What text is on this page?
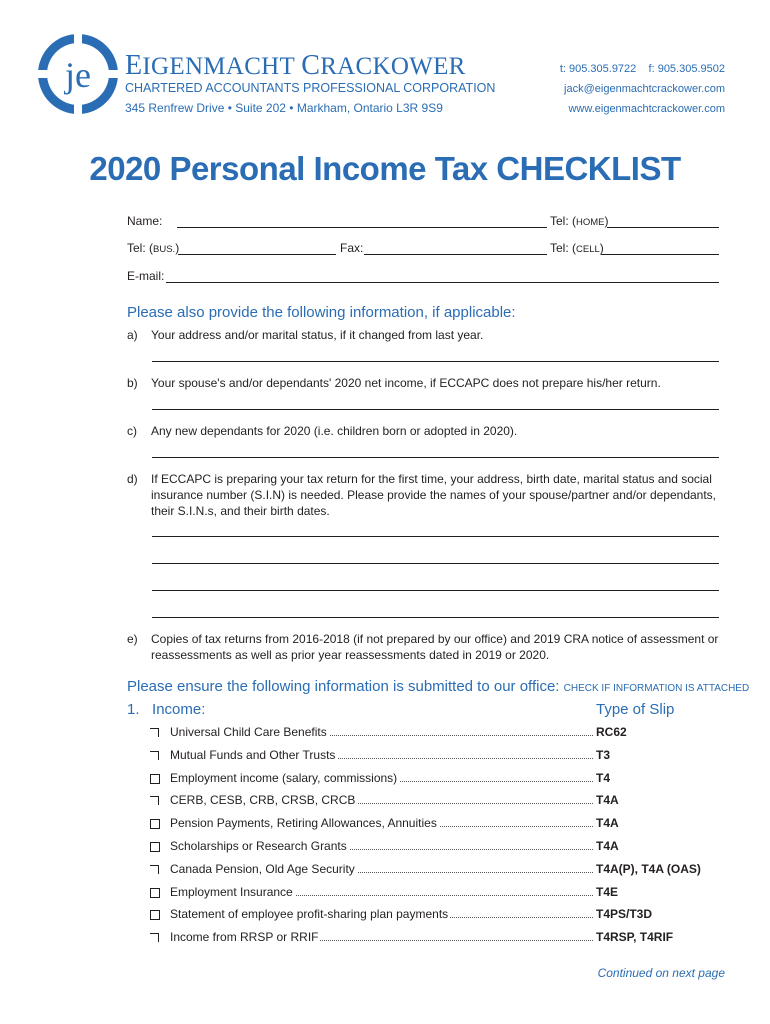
je EIGENMACHT CRACKOWER
CHARTERED ACCOUNTANTS PROFESSIONAL CORPORATION
345 Renfrew Drive • Suite 202 • Markham, Ontario L3R 9S9
t: 905.305.9722 f: 905.305.9502
jack@eigenmachtcrackower.com
www.eigenmachtcrackower.com
2020 Personal Income Tax CHECKLIST
Name:	Tel: (HOME)
Tel: (BUS.)	Fax:	Tel: (CELL)
E-mail:
Please also provide the following information, if applicable:
a) Your address and/or marital status, if it changed from last year.
b) Your spouse's and/or dependants' 2020 net income, if ECCAPC does not prepare his/her return.
c) Any new dependants for 2020 (i.e. children born or adopted in 2020).
d) If ECCAPC is preparing your tax return for the first time, your address, birth date, marital status and social
insurance number (S.I.N) is needed. Please provide the names of your spouse/partner and/or dependants,
their S.I.N.s, and their birth dates.
e) Copies of tax returns from 2016-2018 (if not prepared by our office) and 2019 CRA notice of assessment or
reassessments as well as prior year reassessments dated in 2019 or 2020.
Please ensure the following information is submitted to our office: CHECK IF INFORMATION IS ATTACHED
1. Income:	Type of Slip
Universal Child Care Benefits	RC62
Mutual Funds and Other Trusts	T3
Employment income (salary, commissions)	T4
CERB, CESB, CRB, CRSB, CRCB	T4A
Pension Payments, Retiring Allowances, Annuities	T4A
Scholarships or Research Grants	T4A
Canada Pension, Old Age Security	T4A(P), T4A (OAS)
Employment Insurance	T4E
Statement of employee profit-sharing plan payments	T4PS/T3D
Income from RRSP or RRIF	T4RSP, T4RIF
Continued on next page
